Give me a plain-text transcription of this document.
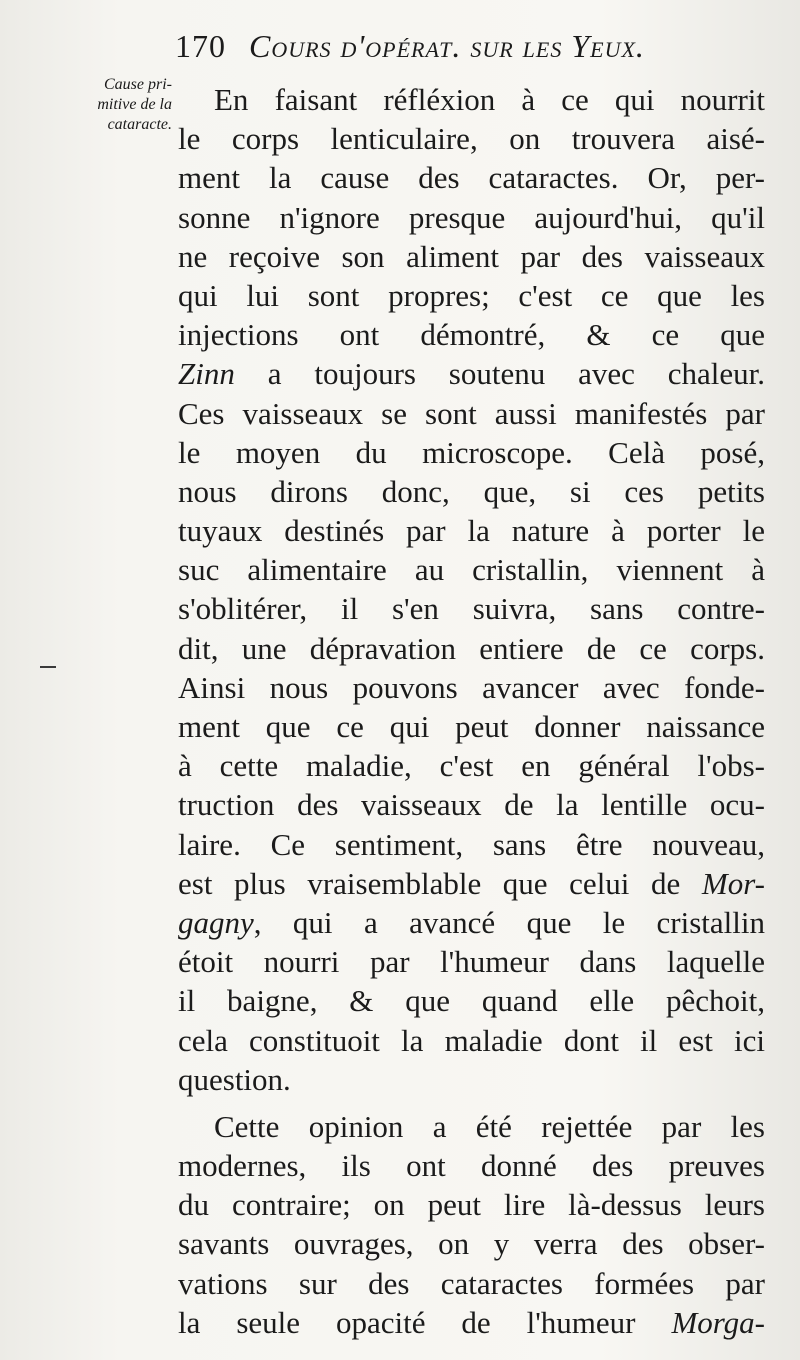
170 Cours d'opérat. sur les Yeux.
Cause pri-
mitive de la
cataracte.
En faisant réfléxion à ce qui nourrit
le corps lenticulaire, on trouvera aisé-
ment la cause des cataractes. Or, per-
sonne n'ignore presque aujourd'hui, qu'il
ne reçoive son aliment par des vaisseaux
qui lui sont propres; c'est ce que les
injections ont démontré, & ce que
Zinn a toujours soutenu avec chaleur.
Ces vaisseaux se sont aussi manifestés par
le moyen du microscope. Celà posé,
nous dirons donc, que, si ces petits
tuyaux destinés par la nature à porter le
suc alimentaire au cristallin, viennent à
s'oblitérer, il s'en suivra, sans contre-
dit, une dépravation entiere de ce corps.
Ainsi nous pouvons avancer avec fonde-
ment que ce qui peut donner naissance
à cette maladie, c'est en général l'obs-
truction des vaisseaux de la lentille ocu-
laire. Ce sentiment, sans être nouveau,
est plus vraisemblable que celui de Mor-
gagny, qui a avancé que le cristallin
étoit nourri par l'humeur dans laquelle
il baigne, & que quand elle pêchoit,
cela constituoit la maladie dont il est ici
question.
Cette opinion a été rejettée par les
modernes, ils ont donné des preuves
du contraire; on peut lire là-dessus leurs
savants ouvrages, on y verra des obser-
vations sur des cataractes formées par
la seule opacité de l'humeur Morga-
